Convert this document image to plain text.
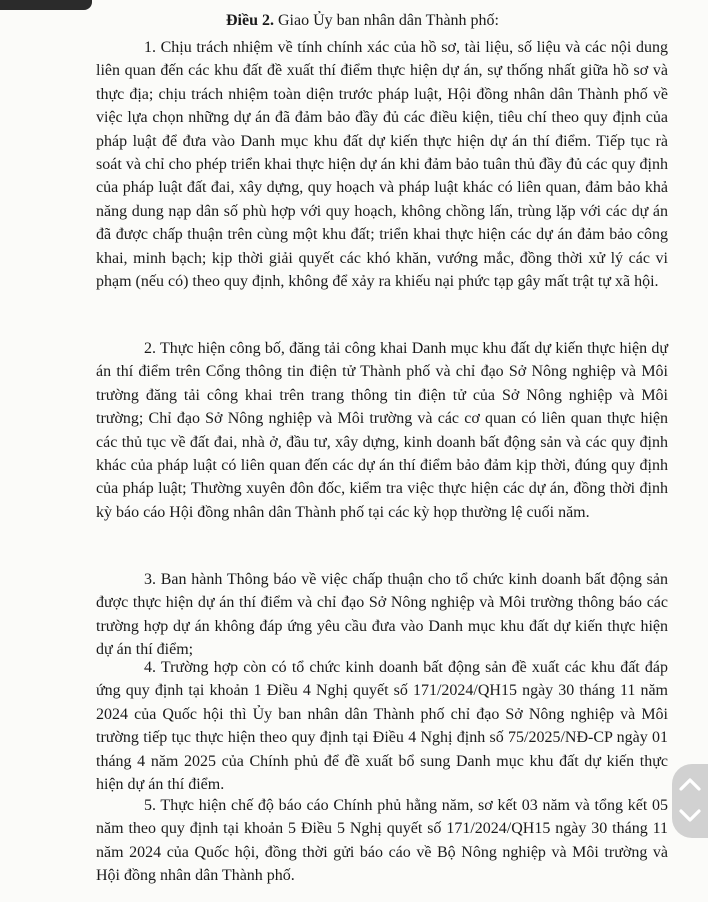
Điều 2. Giao Ủy ban nhân dân Thành phố:

1. Chịu trách nhiệm về tính chính xác của hồ sơ, tài liệu, số liệu và các nội dung liên quan đến các khu đất đề xuất thí điểm thực hiện dự án, sự thống nhất giữa hồ sơ và thực địa; chịu trách nhiệm toàn diện trước pháp luật, Hội đồng nhân dân Thành phố về việc lựa chọn những dự án đã đảm bảo đầy đủ các điều kiện, tiêu chí theo quy định của pháp luật để đưa vào Danh mục khu đất dự kiến thực hiện dự án thí điểm. Tiếp tục rà soát và chỉ cho phép triển khai thực hiện dự án khi đảm bảo tuân thủ đầy đủ các quy định của pháp luật đất đai, xây dựng, quy hoạch và pháp luật khác có liên quan, đảm bảo khả năng dung nạp dân số phù hợp với quy hoạch, không chồng lấn, trùng lặp với các dự án đã được chấp thuận trên cùng một khu đất; triển khai thực hiện các dự án đảm bảo công khai, minh bạch; kịp thời giải quyết các khó khăn, vướng mắc, đồng thời xử lý các vi phạm (nếu có) theo quy định, không để xảy ra khiếu nại phức tạp gây mất trật tự xã hội.

2. Thực hiện công bố, đăng tải công khai Danh mục khu đất dự kiến thực hiện dự án thí điểm trên Cổng thông tin điện tử Thành phố và chỉ đạo Sở Nông nghiệp và Môi trường đăng tải công khai trên trang thông tin điện tử của Sở Nông nghiệp và Môi trường; Chỉ đạo Sở Nông nghiệp và Môi trường và các cơ quan có liên quan thực hiện các thủ tục về đất đai, nhà ở, đầu tư, xây dựng, kinh doanh bất động sản và các quy định khác của pháp luật có liên quan đến các dự án thí điểm bảo đảm kịp thời, đúng quy định của pháp luật; Thường xuyên đôn đốc, kiểm tra việc thực hiện các dự án, đồng thời định kỳ báo cáo Hội đồng nhân dân Thành phố tại các kỳ họp thường lệ cuối năm.

3. Ban hành Thông báo về việc chấp thuận cho tổ chức kinh doanh bất động sản được thực hiện dự án thí điểm và chỉ đạo Sở Nông nghiệp và Môi trường thông báo các trường hợp dự án không đáp ứng yêu cầu đưa vào Danh mục khu đất dự kiến thực hiện dự án thí điểm;

4. Trường hợp còn có tổ chức kinh doanh bất động sản đề xuất các khu đất đáp ứng quy định tại khoản 1 Điều 4 Nghị quyết số 171/2024/QH15 ngày 30 tháng 11 năm 2024 của Quốc hội thì Ủy ban nhân dân Thành phố chỉ đạo Sở Nông nghiệp và Môi trường tiếp tục thực hiện theo quy định tại Điều 4 Nghị định số 75/2025/NĐ-CP ngày 01 tháng 4 năm 2025 của Chính phủ để đề xuất bổ sung Danh mục khu đất dự kiến thực hiện dự án thí điểm.

5. Thực hiện chế độ báo cáo Chính phủ hằng năm, sơ kết 03 năm và tổng kết 05 năm theo quy định tại khoản 5 Điều 5 Nghị quyết số 171/2024/QH15 ngày 30 tháng 11 năm 2024 của Quốc hội, đồng thời gửi báo cáo về Bộ Nông nghiệp và Môi trường và Hội đồng nhân dân Thành phố.
